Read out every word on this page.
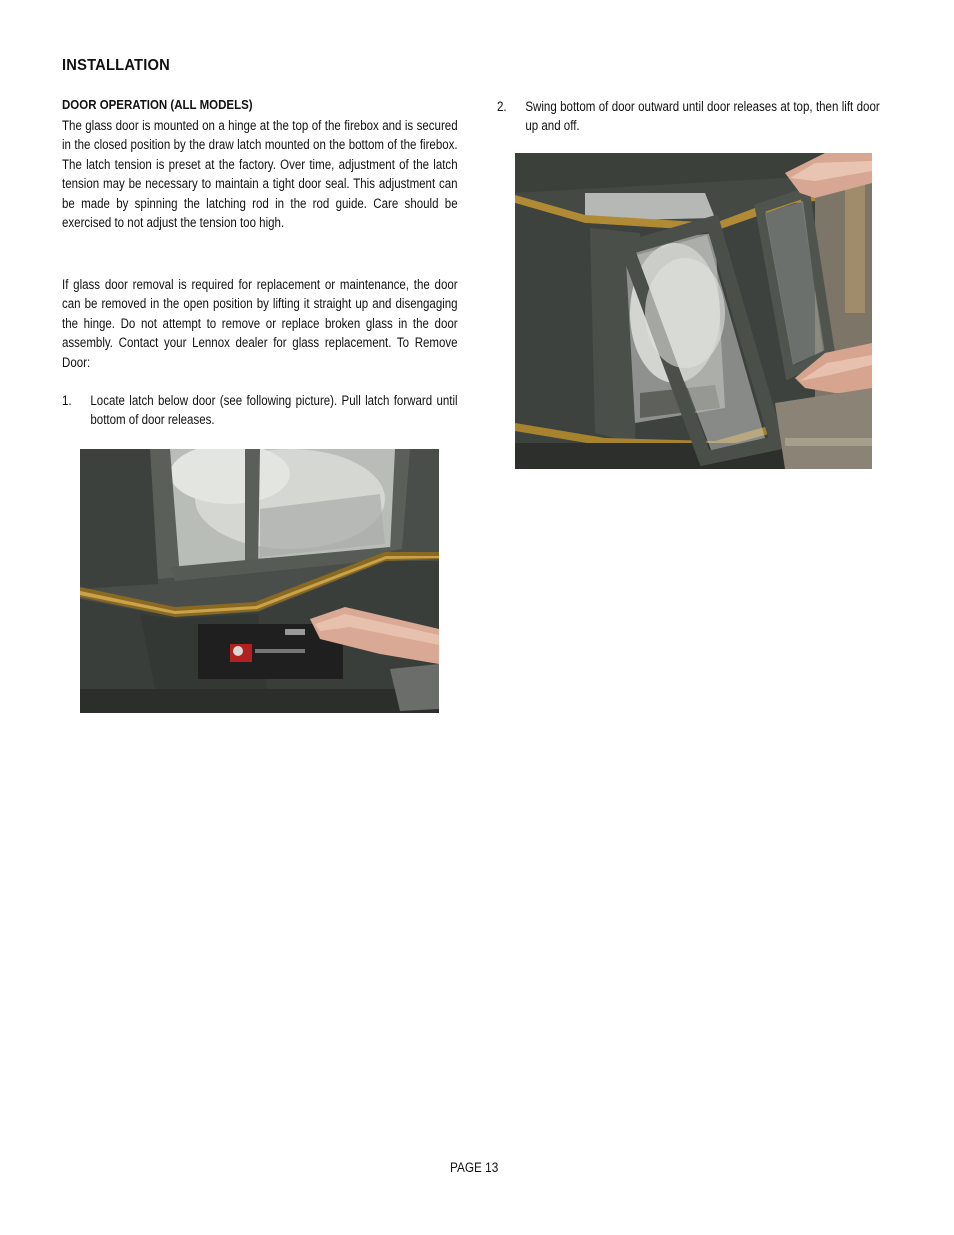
INSTALLATION
DOOR OPERATION (ALL MODELS)
The glass door is mounted on a hinge at the top of the firebox and is secured in the closed position by the draw latch mounted on the bottom of the firebox. The latch tension is preset at the factory. Over time, adjustment of the latch tension may be necessary to maintain a tight door seal. This adjustment can be made by spinning the latching rod in the rod guide. Care should be exercised to not adjust the tension too high.
If glass door removal is required for replacement or maintenance, the door can be removed in the open position by lifting it straight up and disengaging the hinge. Do not attempt to remove or replace broken glass in the door assembly. Contact your Lennox dealer for glass replacement. To Remove Door:
1. Locate latch below door (see following picture). Pull latch forward until bottom of door releases.
2. Swing bottom of door outward until door releases at top, then lift door up and off.
PAGE 13
